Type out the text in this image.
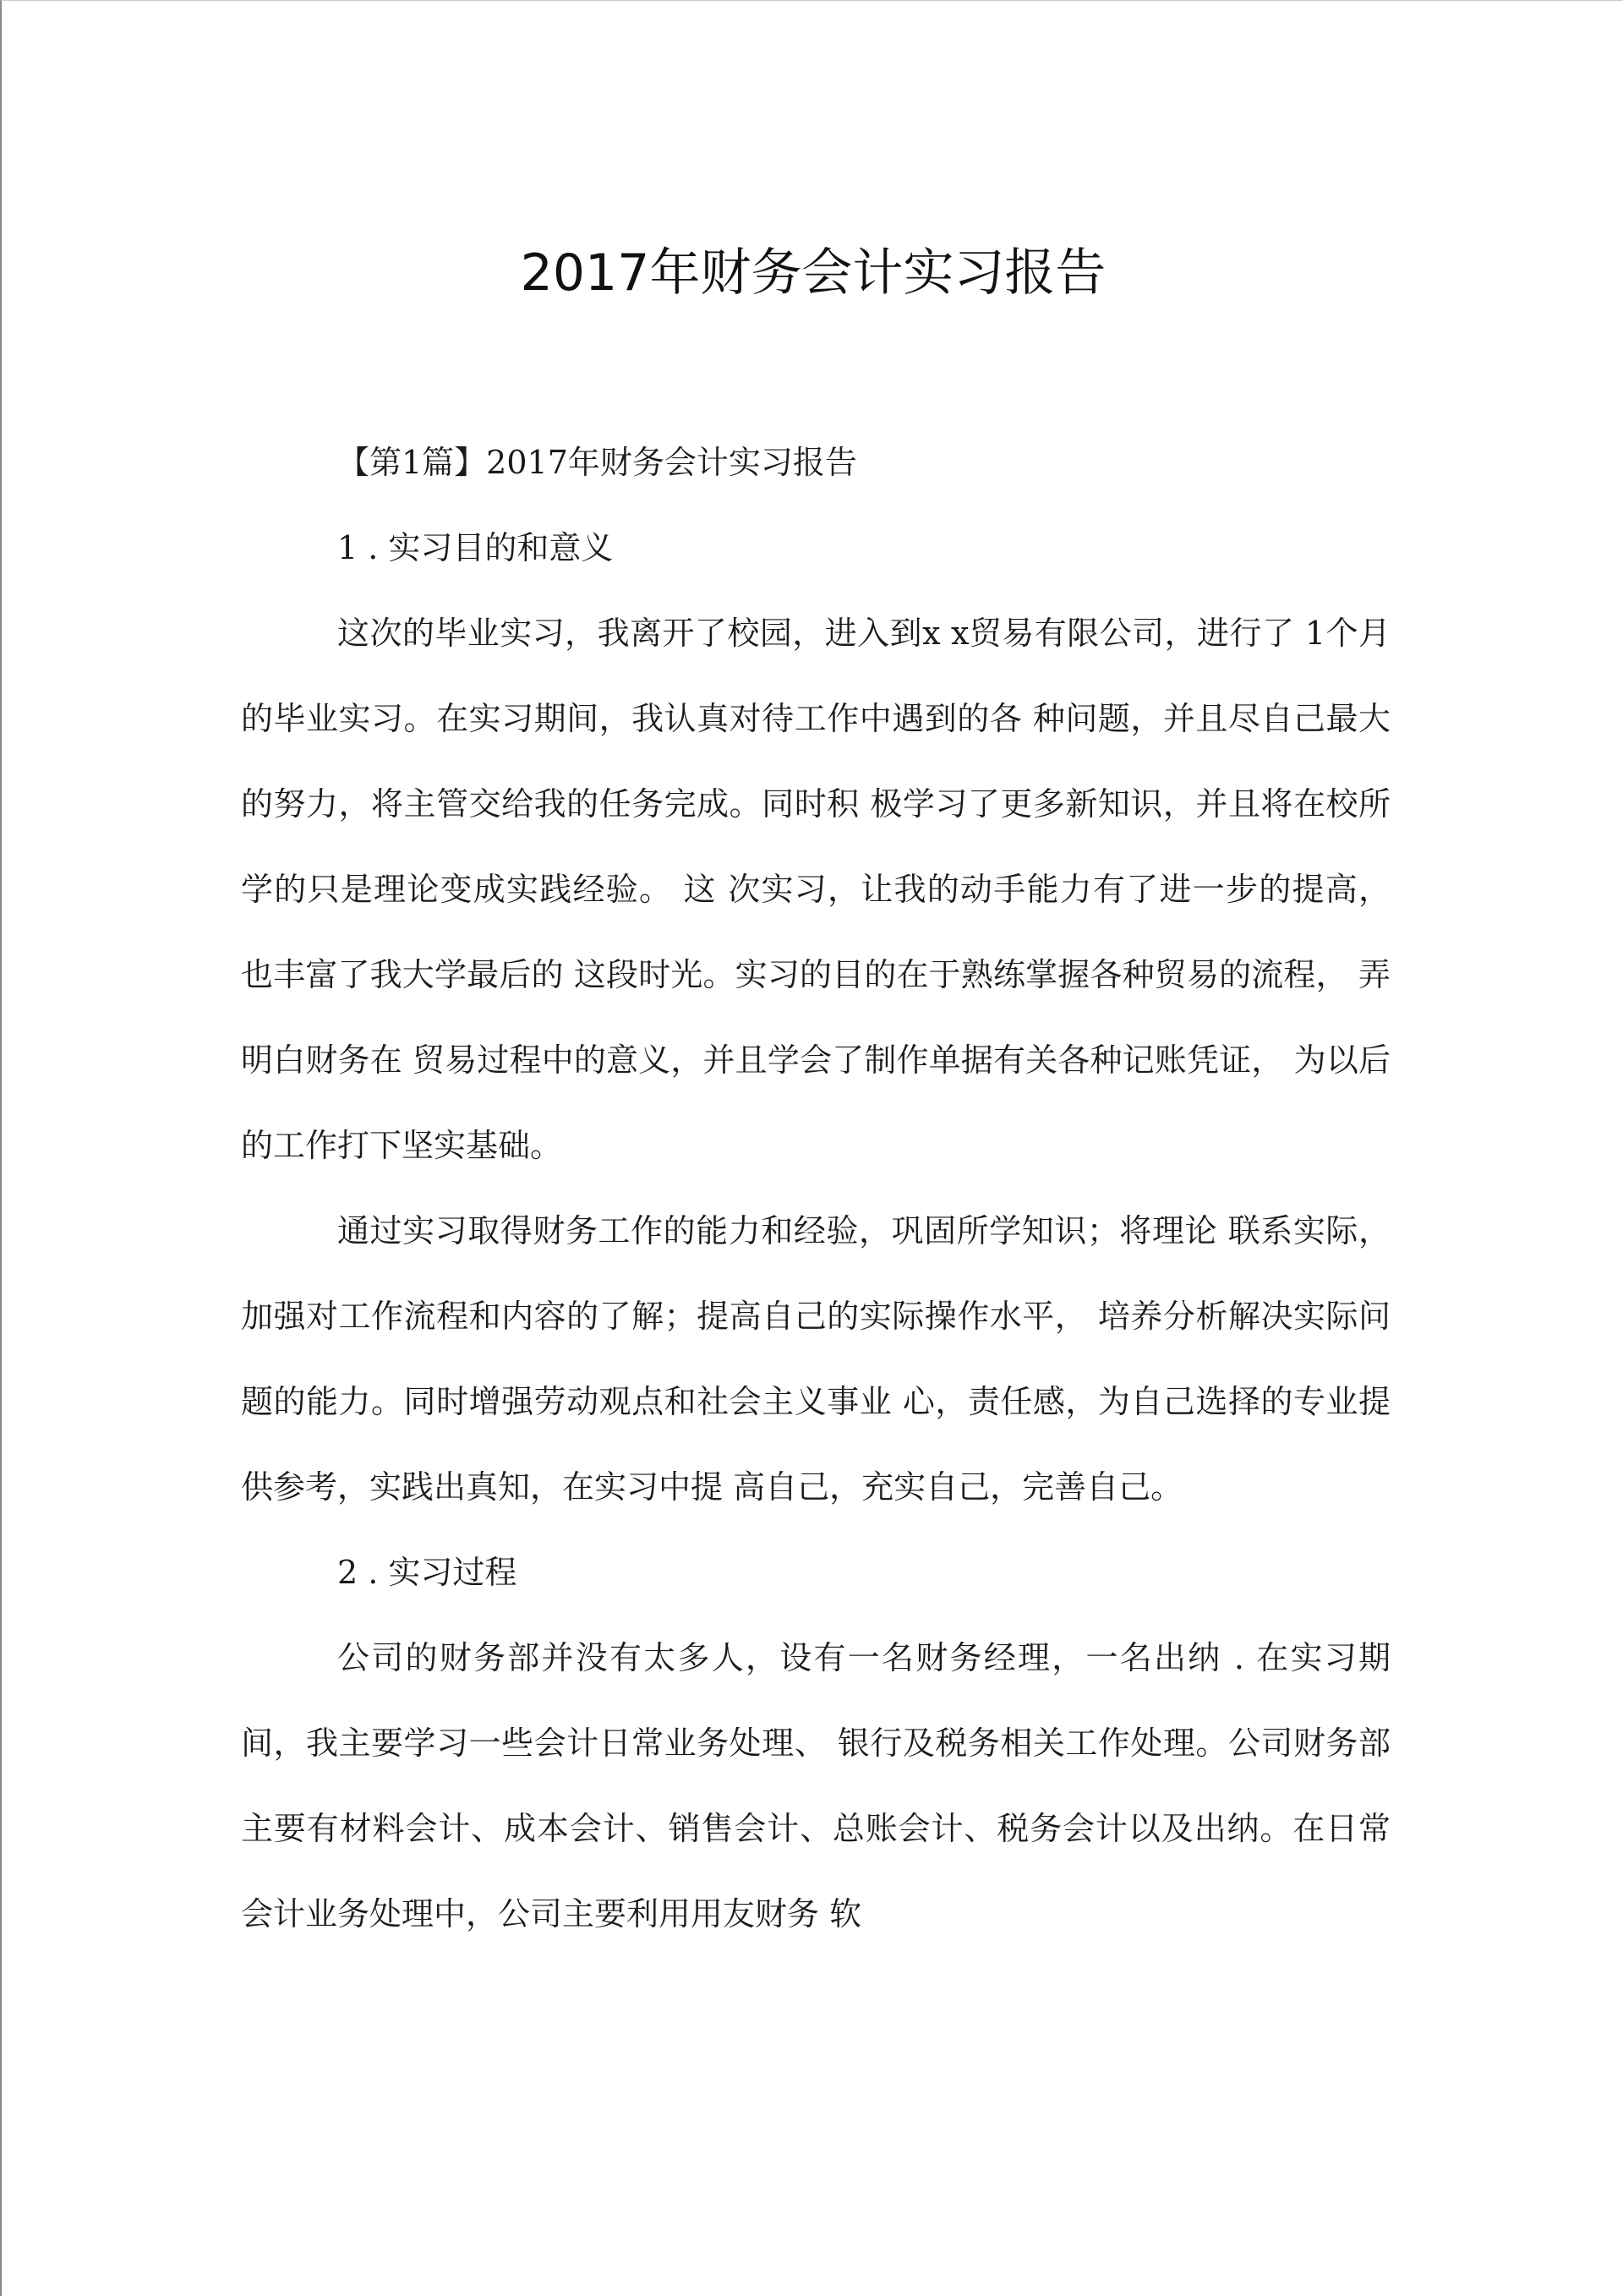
2017年财务会计实习报告

【第1篇】2017年财务会计实习报告

1 . 实习目的和意义

这次的毕业实习，我离开了校园，进入到x x贸易有限公司，进行了 1个月的毕业实习。在实习期间，我认真对待工作中遇到的各 种问题，并且尽自己最大的努力，将主管交给我的任务完成。同时积 极学习了更多新知识，并且将在校所学的只是理论变成实践经验。 这 次实习，让我的动手能力有了进一步的提高， 也丰富了我大学最后的 这段时光。实习的目的在于熟练掌握各种贸易的流程， 弄明白财务在 贸易过程中的意义，并且学会了制作单据有关各种记账凭证， 为以后 的工作打下坚实基础。

通过实习取得财务工作的能力和经验，巩固所学知识；将理论 联系实际，加强对工作流程和内容的了解；提高自己的实际操作水平， 培养分析解决实际问题的能力。同时增强劳动观点和社会主义事业 心，责任感，为自己选择的专业提供参考，实践出真知，在实习中提 高自己，充实自己，完善自己。

2 . 实习过程

公司的财务部并没有太多人，设有一名财务经理，一名出纳 . 在实习期间，我主要学习一些会计日常业务处理、 银行及税务相关工作处理。公司财务部主要有材料会计、成本会计、销售会计、总账会计、税务会计以及出纳。在日常会计业务处理中，公司主要利用用友财务 软
